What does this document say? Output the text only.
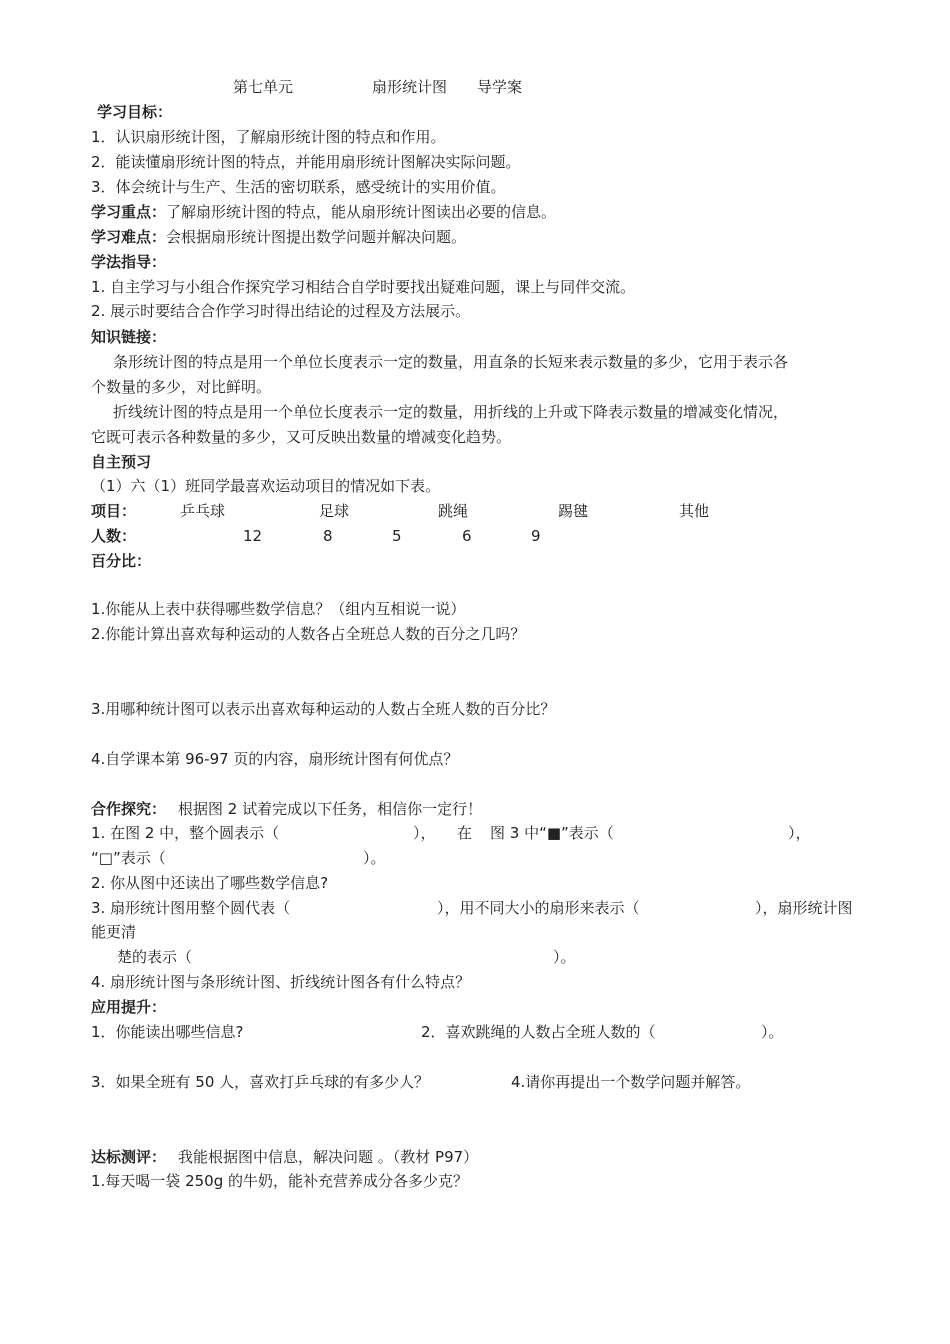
第七单元	扇形统计图 导学案
学习目标：
1．认识扇形统计图，了解扇形统计图的特点和作用。
2．能读懂扇形统计图的特点，并能用扇形统计图解决实际问题。
3．体会统计与生产、生活的密切联系，感受统计的实用价值。
学习重点：了解扇形统计图的特点，能从扇形统计图读出必要的信息。
学习难点：会根据扇形统计图提出数学问题并解决问题。
学法指导：
1. 自主学习与小组合作探究学习相结合自学时要找出疑难问题，课上与同伴交流。
2. 展示时要结合合作学习时得出结论的过程及方法展示。
知识链接：
条形统计图的特点是用一个单位长度表示一定的数量，用直条的长短来表示数量的多少，它用于表示各
个数量的多少，对比鲜明。
折线统计图的特点是用一个单位长度表示一定的数量，用折线的上升或下降表示数量的增减变化情况，
它既可表示各种数量的多少，又可反映出数量的增减变化趋势。
自主预习
（1）六（1）班同学最喜欢运动项目的情况如下表。
项目：	乒乓球	足球	跳绳	踢毽	其他
人数：	12	8	5	6	9
百分比：
1.你能从上表中获得哪些数学信息？（组内互相说一说）
2.你能计算出喜欢每种运动的人数各占全班总人数的百分之几吗？
3.用哪种统计图可以表示出喜欢每种运动的人数占全班人数的百分比？
4.自学课本第 96-97 页的内容，扇形统计图有何优点？
合作探究： 根据图 2 试着完成以下任务，相信你一定行！
1. 在图 2 中，整个圆表示（	）， 在 图 3 中“■”表示（	），
“□”表示（	）。
2. 你从图中还读出了哪些数学信息?
3. 扇形统计图用整个圆代表（	），用不同大小的扇形来表示（	），扇形统计图
能更清
楚的表示（	）。
4. 扇形统计图与条形统计图、折线统计图各有什么特点？
应用提升：
1．你能读出哪些信息?	2．喜欢跳绳的人数占全班人数的（	）。
3．如果全班有 50 人，喜欢打乒乓球的有多少人？	4.请你再提出一个数学问题并解答。
达标测评： 我能根据图中信息，解决问题 。（教材 P97）
1.每天喝一袋 250g 的牛奶，能补充营养成分各多少克？
